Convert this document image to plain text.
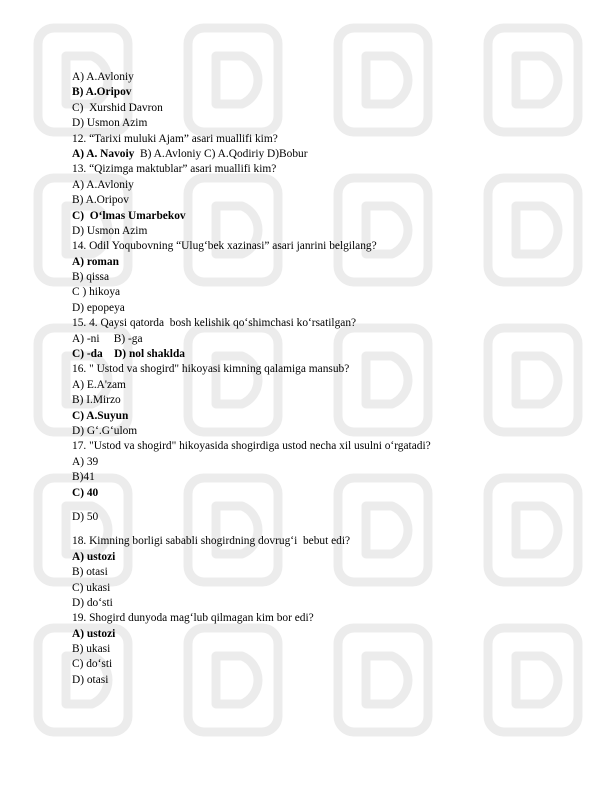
A) A.Avloniy
B) A.Oripov
C)  Xurshid Davron
D) Usmon Azim
12. “Tarixi muluki Ajam” asari muallifi kim?
A) A. Navoiy  B) A.Avloniy C) A.Qodiriy D)Bobur
13. “Qizimga maktublar” asari muallifi kim?
A) A.Avloniy
B) A.Oripov
C)  O‘lmas Umarbekov
D) Usmon Azim
14. Odil Yoqubovning “Ulug‘bek xazinasi” asari janrini belgilang?
A) roman
B) qissa
C ) hikoya
D) epopeya
15. 4. Qaysi qatorda  bosh kelishik qo‘shimchasi ko‘rsatilgan?
A) -ni     B) -ga
C) -da    D) nol shaklda
16. " Ustod va shogird" hikoyasi kimning qalamiga mansub?
A) E.A'zam
B) I.Mirzo
C) A.Suyun
D) G‘.G‘ulom
17. "Ustod va shogird" hikoyasida shogirdiga ustod necha xil usulni o‘rgatadi?
A) 39
B)41
C) 40
D) 50
18. Kimning borligi sababli shogirdning dovrug‘i  bebut edi?
A) ustozi
B) otasi
C) ukasi
D) do‘sti
19. Shogird dunyoda mag‘lub qilmagan kim bor edi?
A) ustozi
B) ukasi
C) do‘sti
D) otasi
